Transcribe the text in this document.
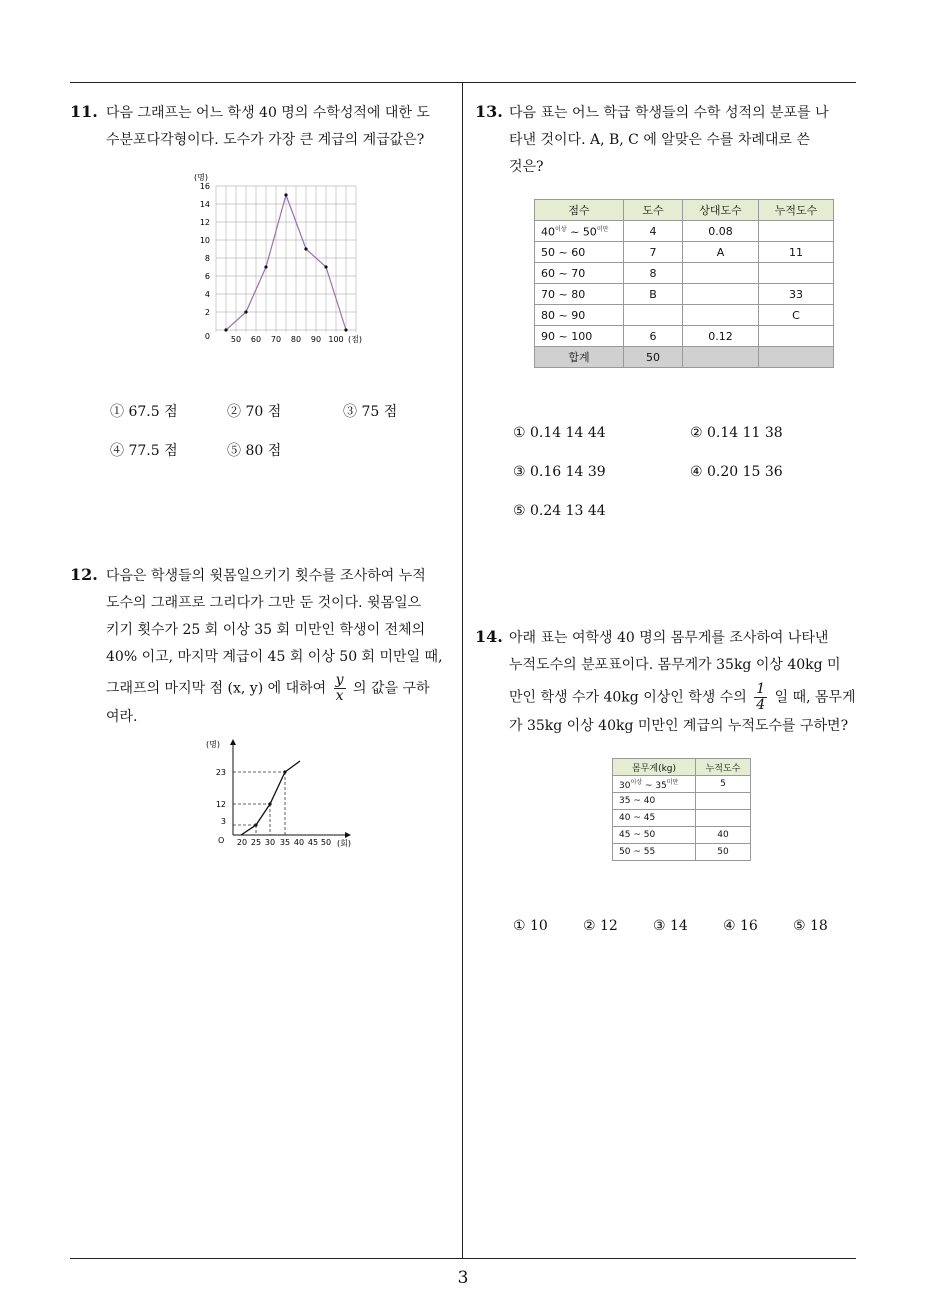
3
11. 다음 그래프는 어느 학생 40 명의 수학성적에 대한 도
수분포다각형이다. 도수가 가장 큰 계급의 계급값은?
(명)
16
14
12
10
8
6
4
2
0	50 60 70 80 90 100 (점)
① 67.5 점	② 70 점	③ 75 점
④ 77.5 점	⑤ 80 점
12. 다음은 학생들의 윗몸일으키기 횟수를 조사하여 누적
도수의 그래프로 그리다가 그만 둔 것이다. 윗몸일으
키기 횟수가 25 회 이상 35 회 미만인 학생이 전체의
40% 이고, 마지막 계급이 45 회 이상 50 회 미만일 때,
그래프의 마지막 점 (x, y) 에 대하여 $\frac{y}{x}$ 의 값을 구하
여라.
(명)
O
23
12
3
20 25 30 35 40 45 50 (회)
13. 다음 표는 어느 학급 학생들의 수학 성적의 분포를 나
타낸 것이다. A, B, C 에 알맞은 수를 차례대로 쓴
것은?
점수	도수	상대도수	누적도수
$40^{이상}$ ~ $50^{미만}$	4	0.08	
50 ~ 60	7	A	11
60 ~ 70	8		
70 ~ 80	B		33
80 ~ 90			C
90 ~ 100	6	0.12	
합계	50		
① 0.14 14 44	② 0.14 11 38
③ 0.16 14 39	④ 0.20 15 36
⑤ 0.24 13 44
14. 아래 표는 여학생 40 명의 몸무게를 조사하여 나타낸
누적도수의 분포표이다. 몸무게가 35kg 이상 40kg 미
만인 학생 수가 40kg 이상인 학생 수의 $\frac{1}{4}$ 일 때, 몸무게
가 35kg 이상 40kg 미만인 계급의 누적도수를 구하면?
몸무게(kg)	누적도수
$30^{이상}$ ~ $35^{미만}$	5
35 ~ 40	
40 ~ 45	
45 ~ 50	40
50 ~ 55	50
① 10	② 12	③ 14	④ 16	⑤ 18
